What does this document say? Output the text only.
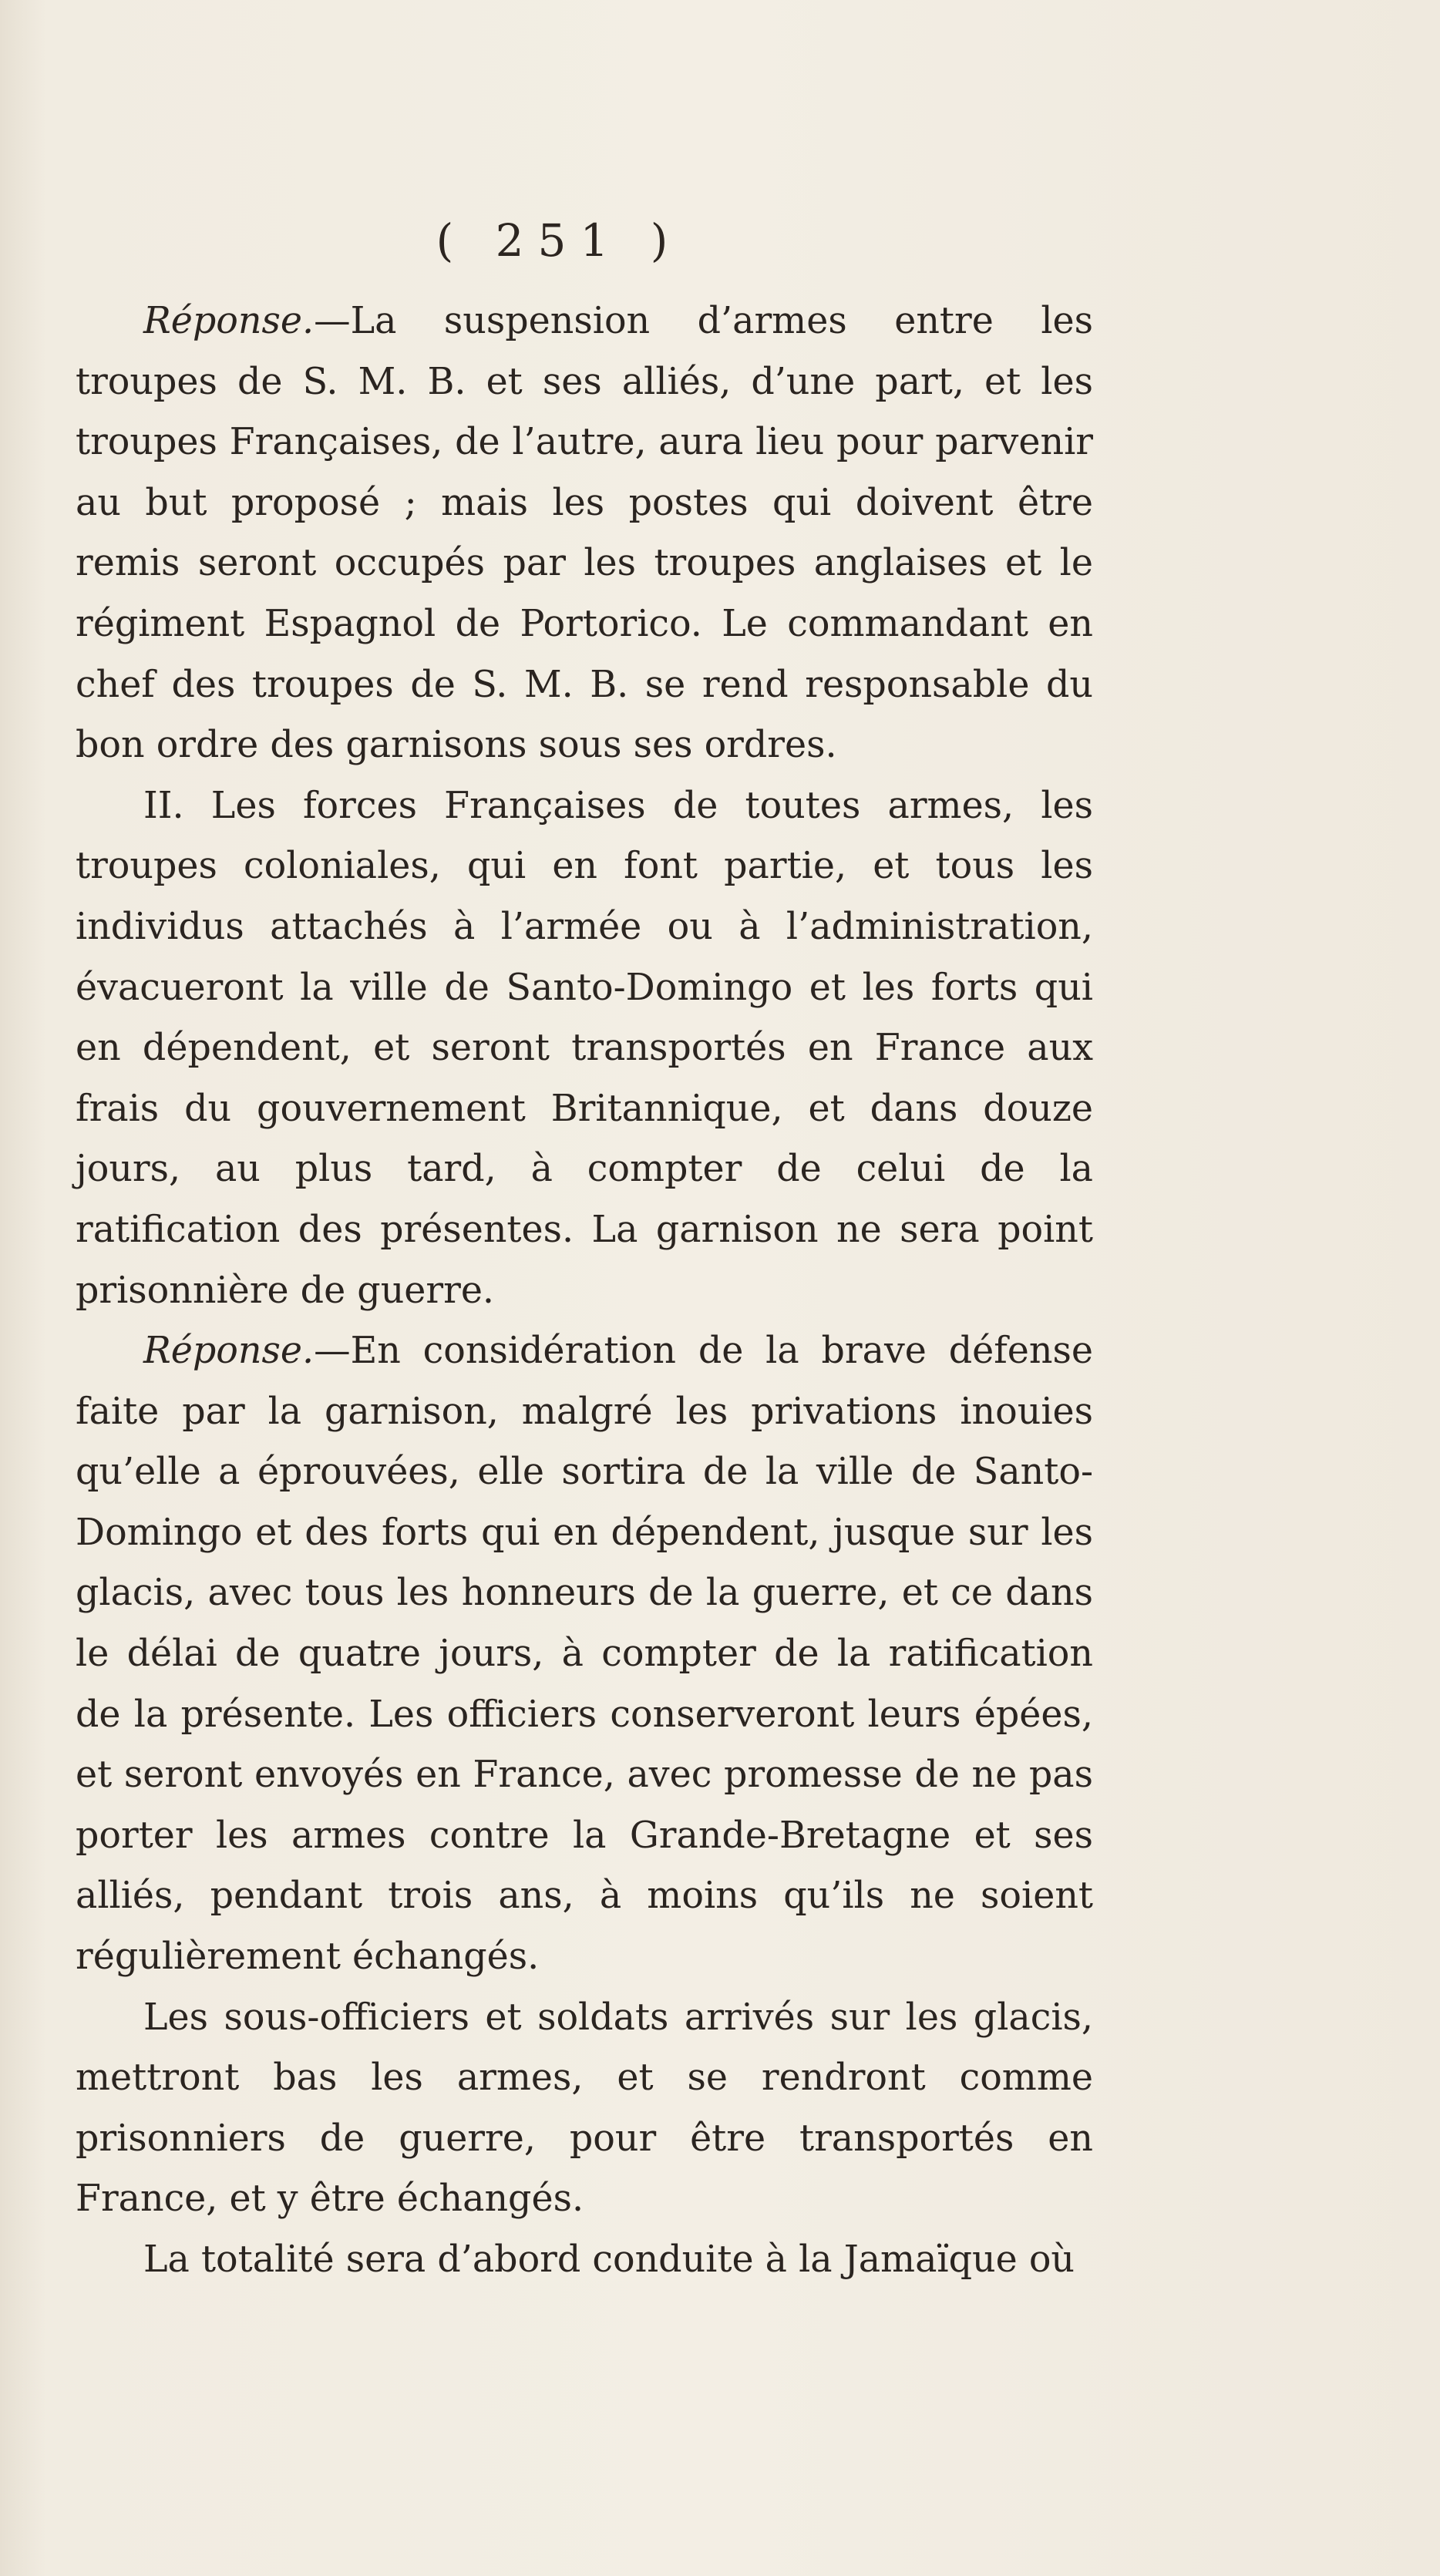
( 251 )

Réponse.—La suspension d’armes entre les troupes de S. M. B. et ses alliés, d’une part, et les troupes Françaises, de l’autre, aura lieu pour parvenir au but proposé ; mais les postes qui doivent être remis seront occupés par les troupes anglaises et le régiment Espagnol de Portorico. Le commandant en chef des troupes de S. M. B. se rend responsable du bon ordre des garnisons sous ses ordres.

II. Les forces Françaises de toutes armes, les troupes coloniales, qui en font partie, et tous les individus attachés à l’armée ou à l’administration, évacueront la ville de Santo-Domingo et les forts qui en dépendent, et seront transportés en France aux frais du gouvernement Britannique, et dans douze jours, au plus tard, à compter de celui de la ratification des présentes. La garnison ne sera point prisonnière de guerre.

Réponse.—En considération de la brave défense faite par la garnison, malgré les privations inouies qu’elle a éprouvées, elle sortira de la ville de Santo-Domingo et des forts qui en dépendent, jusque sur les glacis, avec tous les honneurs de la guerre, et ce dans le délai de quatre jours, à compter de la ratification de la présente. Les officiers conserveront leurs épées, et seront envoyés en France, avec promesse de ne pas porter les armes contre la Grande-Bretagne et ses alliés, pendant trois ans, à moins qu’ils ne soient régulièrement échangés.

Les sous-officiers et soldats arrivés sur les glacis, mettront bas les armes, et se rendront comme prisonniers de guerre, pour être transportés en France, et y être échangés.

La totalité sera d’abord conduite à la Jamaïque où
